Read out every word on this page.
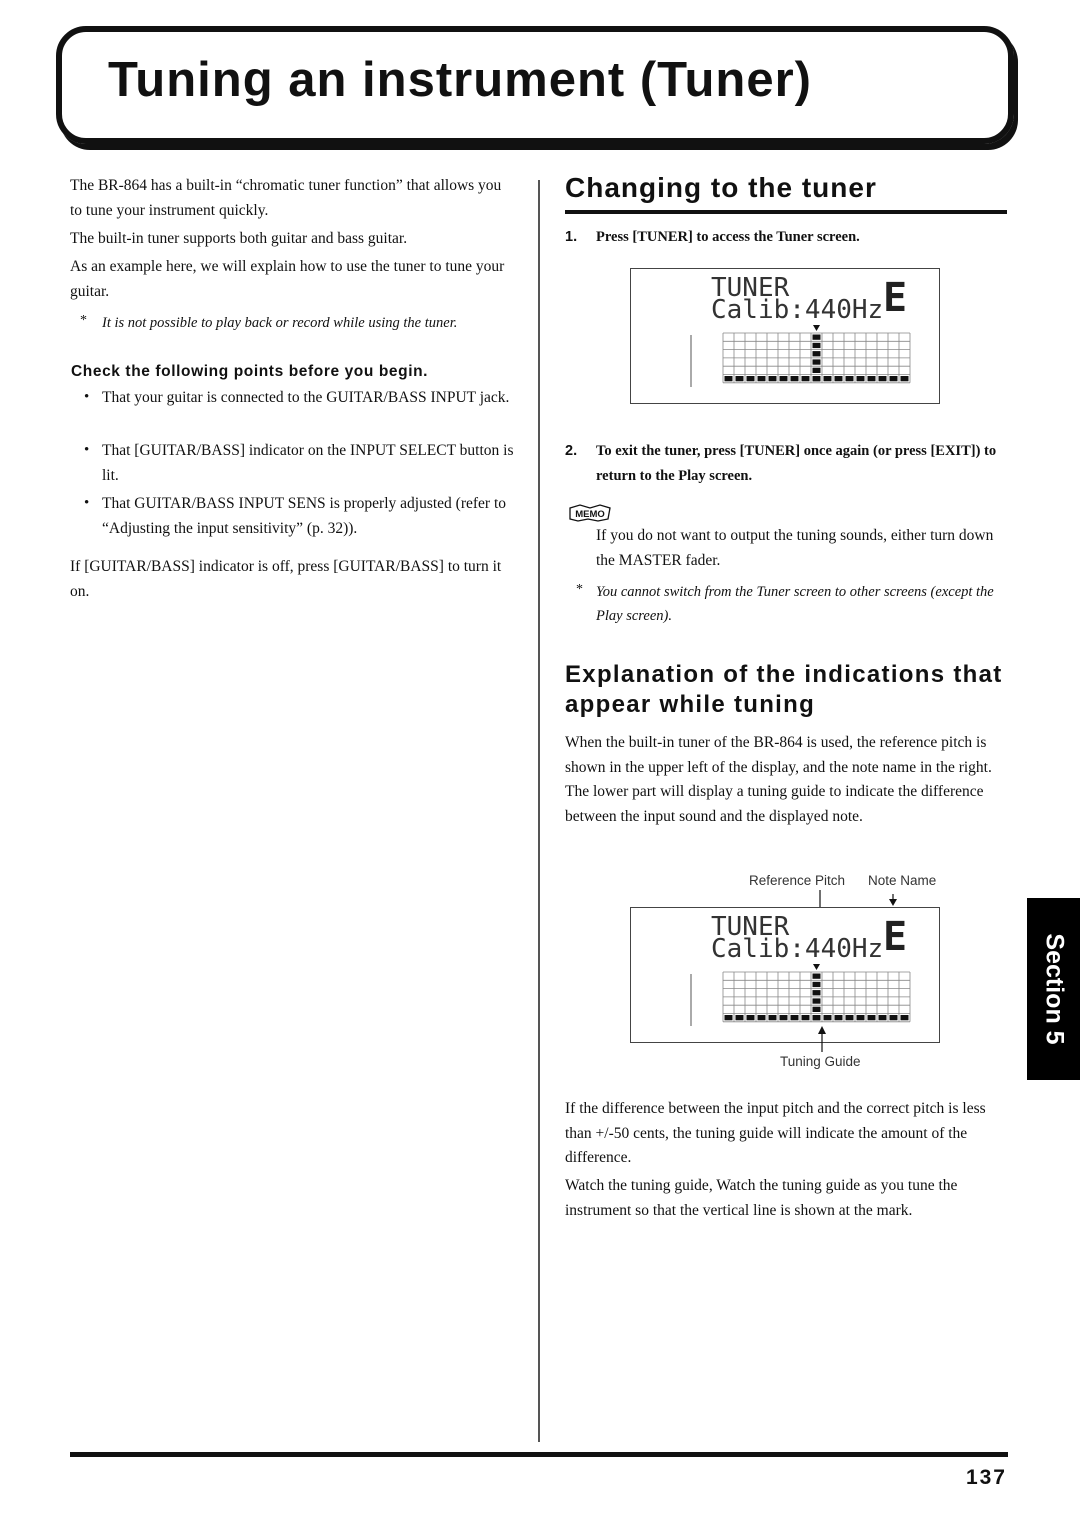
Tuning an instrument (Tuner)

The BR-864 has a built-in “chromatic tuner function” that allows you to tune your instrument quickly.

The built-in tuner supports both guitar and bass guitar.

As an example here, we will explain how to use the tuner to tune your guitar.

* It is not possible to play back or record while using the tuner.

Check the following points before you begin.
• That your guitar is connected to the GUITAR/BASS INPUT jack.

• That [GUITAR/BASS] indicator on the INPUT SELECT button is lit.

• That GUITAR/BASS INPUT SENS is properly adjusted (refer to “Adjusting the input sensitivity” (p. 32)).

If [GUITAR/BASS] indicator is off, press [GUITAR/BASS] to turn it on.

Changing to the tuner
1. Press [TUNER] to access the Tuner screen.

TUNER
Calib:440Hz E
2. To exit the tuner, press [TUNER] once again (or press [EXIT]) to return to the Play screen.

MEMO

If you do not want to output the tuning sounds, either turn down the MASTER fader.

* You cannot switch from the Tuner screen to other screens (except the Play screen).

Explanation of the indications that appear while tuning

When the built-in tuner of the BR-864 is used, the reference pitch is shown in the upper left of the display, and the note name in the right. The lower part will display a tuning guide to indicate the difference between the input sound and the displayed note.

Reference Pitch Note Name
TUNER
Calib:440Hz E
Tuning Guide

If the difference between the input pitch and the correct pitch is less than +/-50 cents, the tuning guide will indicate the amount of the difference.

Watch the tuning guide, Watch the tuning guide as you tune the instrument so that the vertical line is shown at the mark.

Section 5
137
